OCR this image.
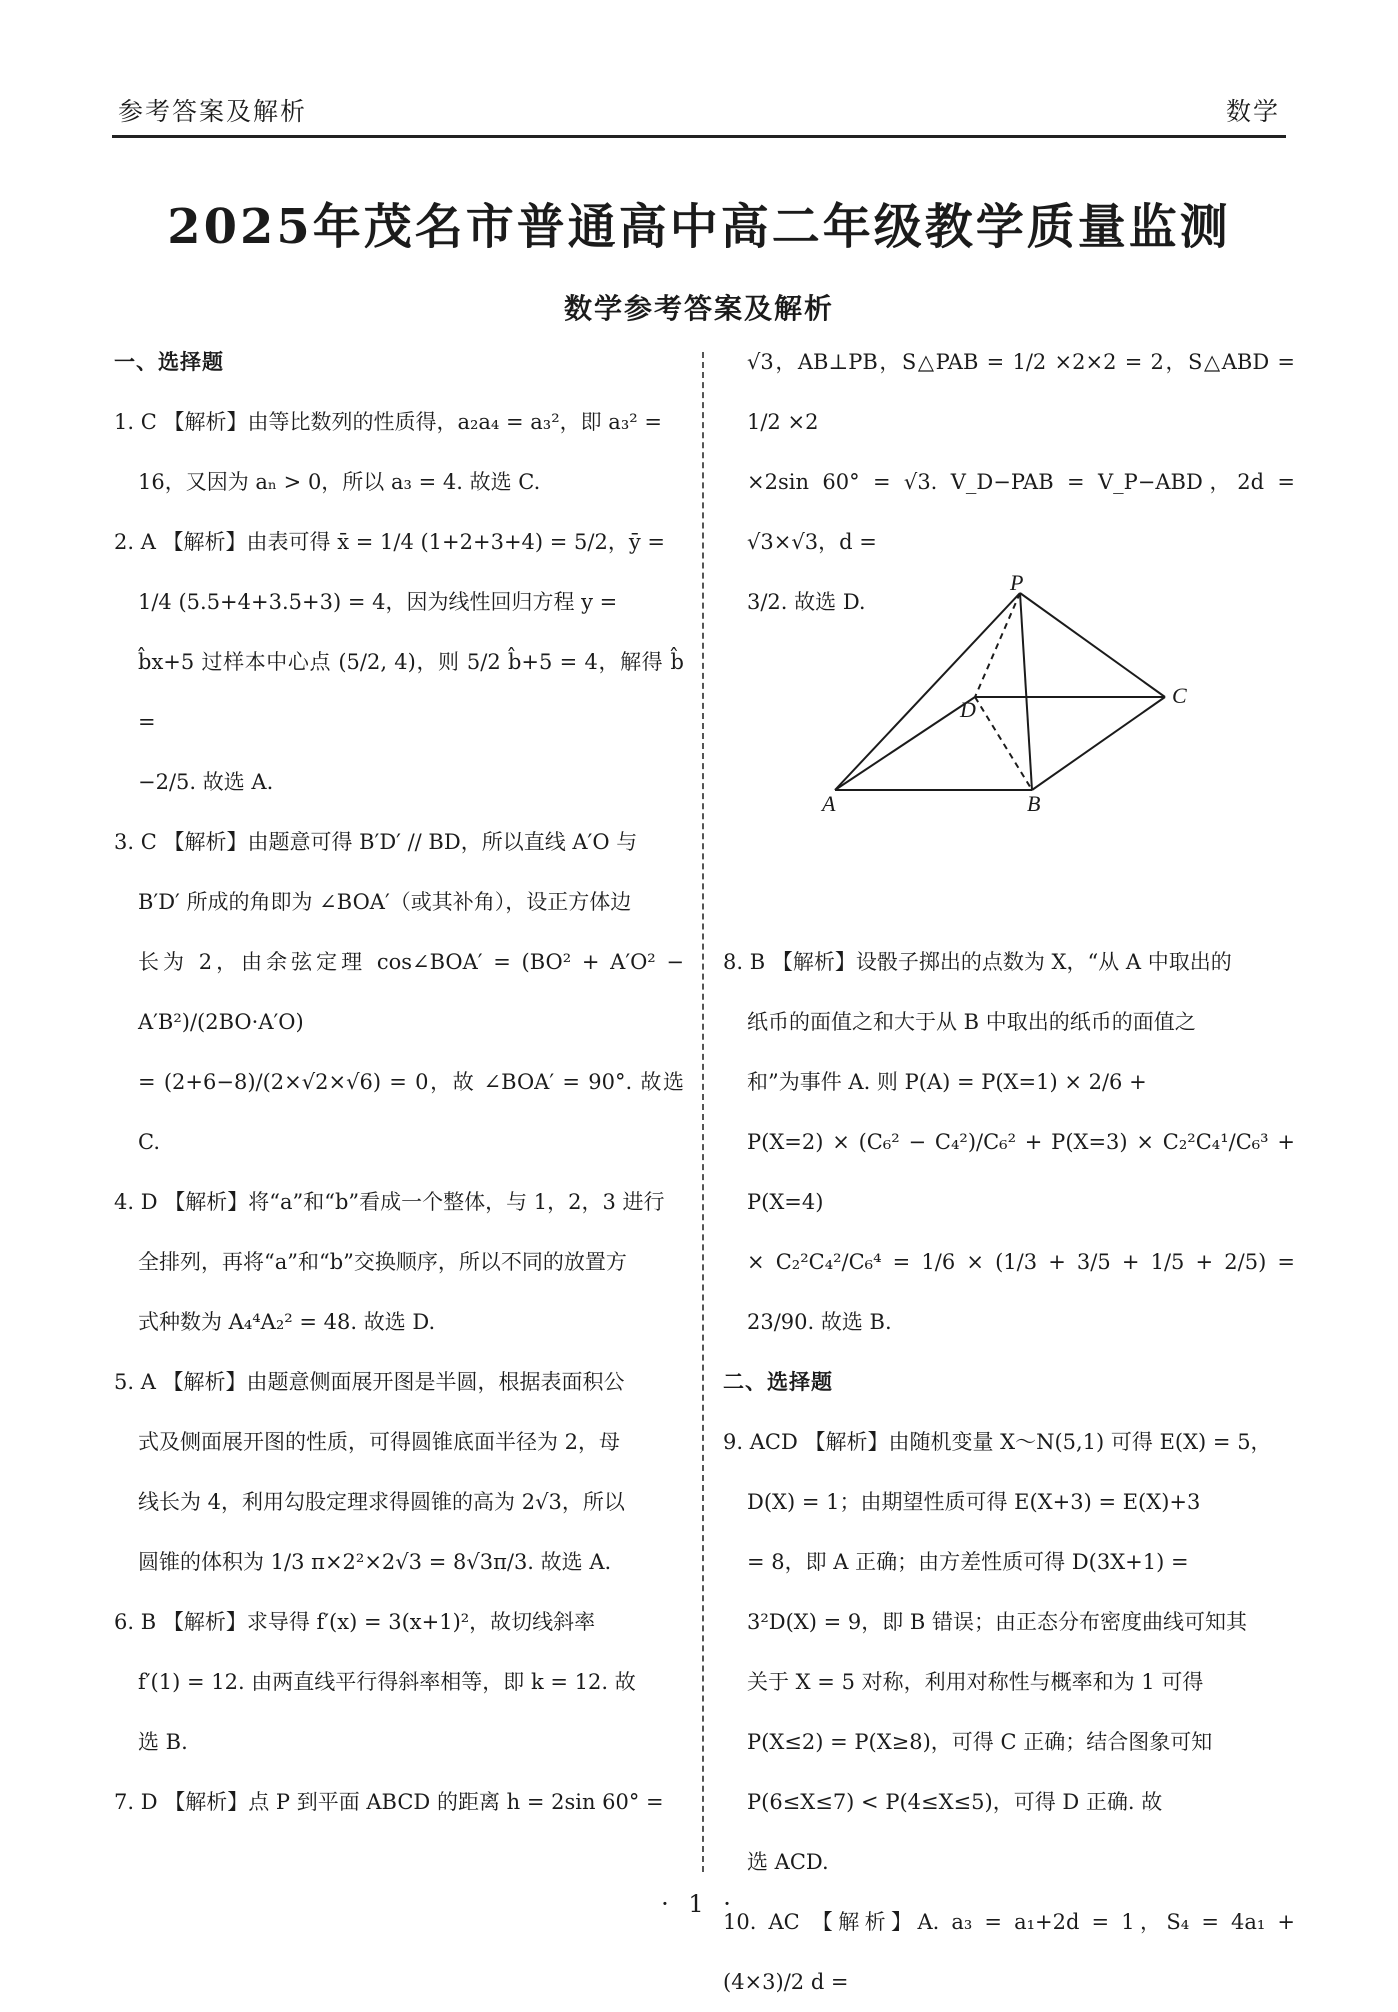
参考答案及解析	数学
2025年茂名市普通高中高二年级教学质量监测
数学参考答案及解析
一、选择题
1. C 【解析】由等比数列的性质得，a₂a₄ = a₃²，即 a₃² =
16，又因为 aₙ > 0，所以 a₃ = 4. 故选 C.
2. A 【解析】由表可得 x̄ = 1/4 (1+2+3+4) = 5/2，ȳ =
1/4 (5.5+4+3.5+3) = 4，因为线性回归方程 y =
b̂x+5 过样本中心点 (5/2, 4)，则 5/2 b̂+5 = 4，解得 b̂ =
−2/5. 故选 A.
3. C 【解析】由题意可得 B′D′ // BD，所以直线 A′O 与
B′D′ 所成的角即为 ∠BOA′（或其补角），设正方体边
长为 2，由余弦定理 cos∠BOA′ = (BO² + A′O² − A′B²)/(2BO·A′O)
= (2+6−8)/(2×√2×√6) = 0，故 ∠BOA′ = 90°. 故选 C.
4. D 【解析】将“a”和“b”看成一个整体，与 1，2，3 进行
全排列，再将“a”和“b”交换顺序，所以不同的放置方
式种数为 A₄⁴A₂² = 48. 故选 D.
5. A 【解析】由题意侧面展开图是半圆，根据表面积公
式及侧面展开图的性质，可得圆锥底面半径为 2，母
线长为 4，利用勾股定理求得圆锥的高为 2√3，所以
圆锥的体积为 1/3 π×2²×2√3 = 8√3π/3. 故选 A.
6. B 【解析】求导得 f′(x) = 3(x+1)²，故切线斜率
f′(1) = 12. 由两直线平行得斜率相等，即 k = 12. 故
选 B.
7. D 【解析】点 P 到平面 ABCD 的距离 h = 2sin 60° =
√3，AB⊥PB，S△PAB = 1/2 ×2×2 = 2，S△ABD = 1/2 ×2
×2sin 60° = √3. V_D−PAB = V_P−ABD，2d = √3×√3，d =
3/2. 故选 D.
8. B 【解析】设骰子掷出的点数为 X，“从 A 中取出的
纸币的面值之和大于从 B 中取出的纸币的面值之
和”为事件 A. 则 P(A) = P(X=1) × 2/6 +
P(X=2) × (C₆² − C₄²)/C₆² + P(X=3) × C₂²C₄¹/C₆³ + P(X=4)
× C₂²C₄²/C₆⁴ = 1/6 × (1/3 + 3/5 + 1/5 + 2/5) = 23/90. 故选 B.
二、选择题
9. ACD 【解析】由随机变量 X～N(5,1) 可得 E(X) = 5，
D(X) = 1；由期望性质可得 E(X+3) = E(X)+3
= 8，即 A 正确；由方差性质可得 D(3X+1) =
3²D(X) = 9，即 B 错误；由正态分布密度曲线可知其
关于 X = 5 对称，利用对称性与概率和为 1 可得
P(X≤2) = P(X≥8)，可得 C 正确；结合图象可知
P(6≤X≤7) < P(4≤X≤5)，可得 D 正确. 故
选 ACD.
10. AC 【解析】A. a₃ = a₁+2d = 1，S₄ = 4a₁ + (4×3)/2 d =
P
A	B
C
D
· 1 ·
